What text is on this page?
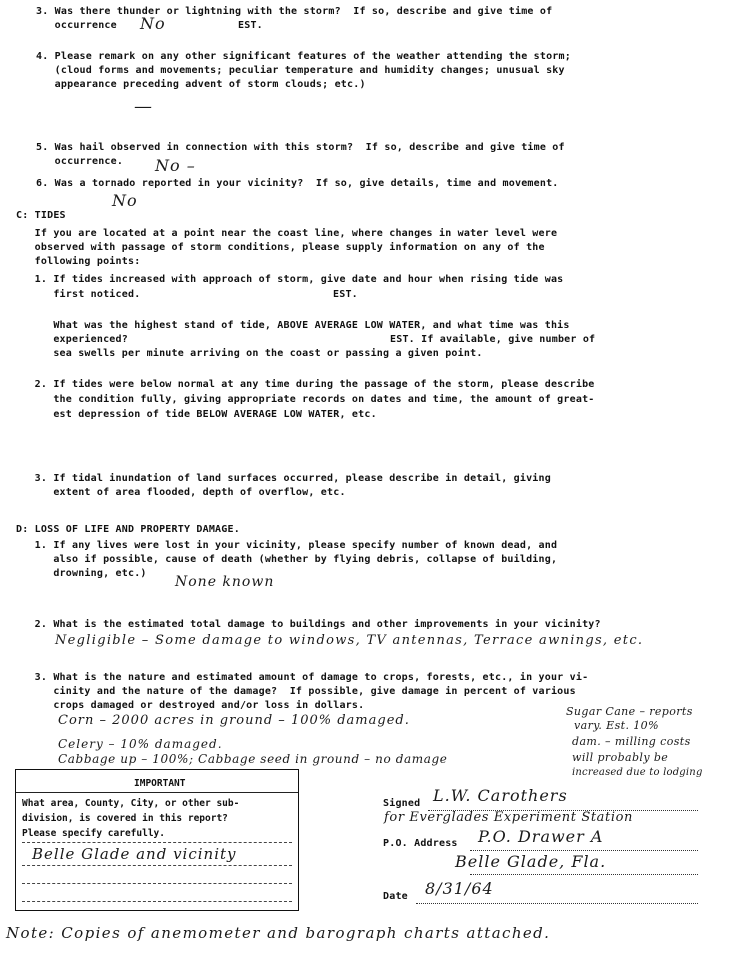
3. Was there thunder or lightning with the storm?  If so, describe and give time of
occurrence	EST.
No
4. Please remark on any other significant features of the weather attending the storm;
(cloud forms and movements; peculiar temperature and humidity changes; unusual sky
appearance preceding advent of storm clouds; etc.)
—
5. Was hail observed in connection with this storm?  If so, describe and give time of
occurrence. No –
6. Was a tornado reported in your vicinity?  If so, give details, time and movement.
No
C: TIDES
If you are located at a point near the coast line, where changes in water level were
observed with passage of storm conditions, please supply information on any of the
following points:
1. If tides increased with approach of storm, give date and hour when rising tide was
first noticed.	EST.
What was the highest stand of tide, ABOVE AVERAGE LOW WATER, and what time was this
experienced?	EST. If available, give number of
sea swells per minute arriving on the coast or passing a given point.
2. If tides were below normal at any time during the passage of the storm, please describe
the condition fully, giving appropriate records on dates and time, the amount of great-
est depression of tide BELOW AVERAGE LOW WATER, etc.
3. If tidal inundation of land surfaces occurred, please describe in detail, giving
extent of area flooded, depth of overflow, etc.
D: LOSS OF LIFE AND PROPERTY DAMAGE.
1. If any lives were lost in your vicinity, please specify number of known dead, and
also if possible, cause of death (whether by flying debris, collapse of building,
drowning, etc.)
None known
2. What is the estimated total damage to buildings and other improvements in your vicinity?
Negligible – Some damage to windows, TV antennas, Terrace awnings, etc.
3. What is the nature and estimated amount of damage to crops, forests, etc., in your vi-
cinity and the nature of the damage?  If possible, give damage in percent of various
crops damaged or destroyed and/or loss in dollars.
Corn – 2000 acres in ground – 100% damaged.
Celery – 10% damaged.
Cabbage up – 100%; Cabbage seed in ground – no damage
Sugar Cane – reports
vary. Est. 10%
dam. – milling costs
will probably be
increased due to lodging
IMPORTANT
What area, County, City, or other sub-
division, is covered in this report?
Please specify carefully.
Belle Glade and vicinity
Signed L.W. Carothers
for Everglades Experiment Station
P.O. Address P.O. Drawer A
Belle Glade, Fla.
Date 8/31/64
Note: Copies of anemometer and barograph charts attached.
